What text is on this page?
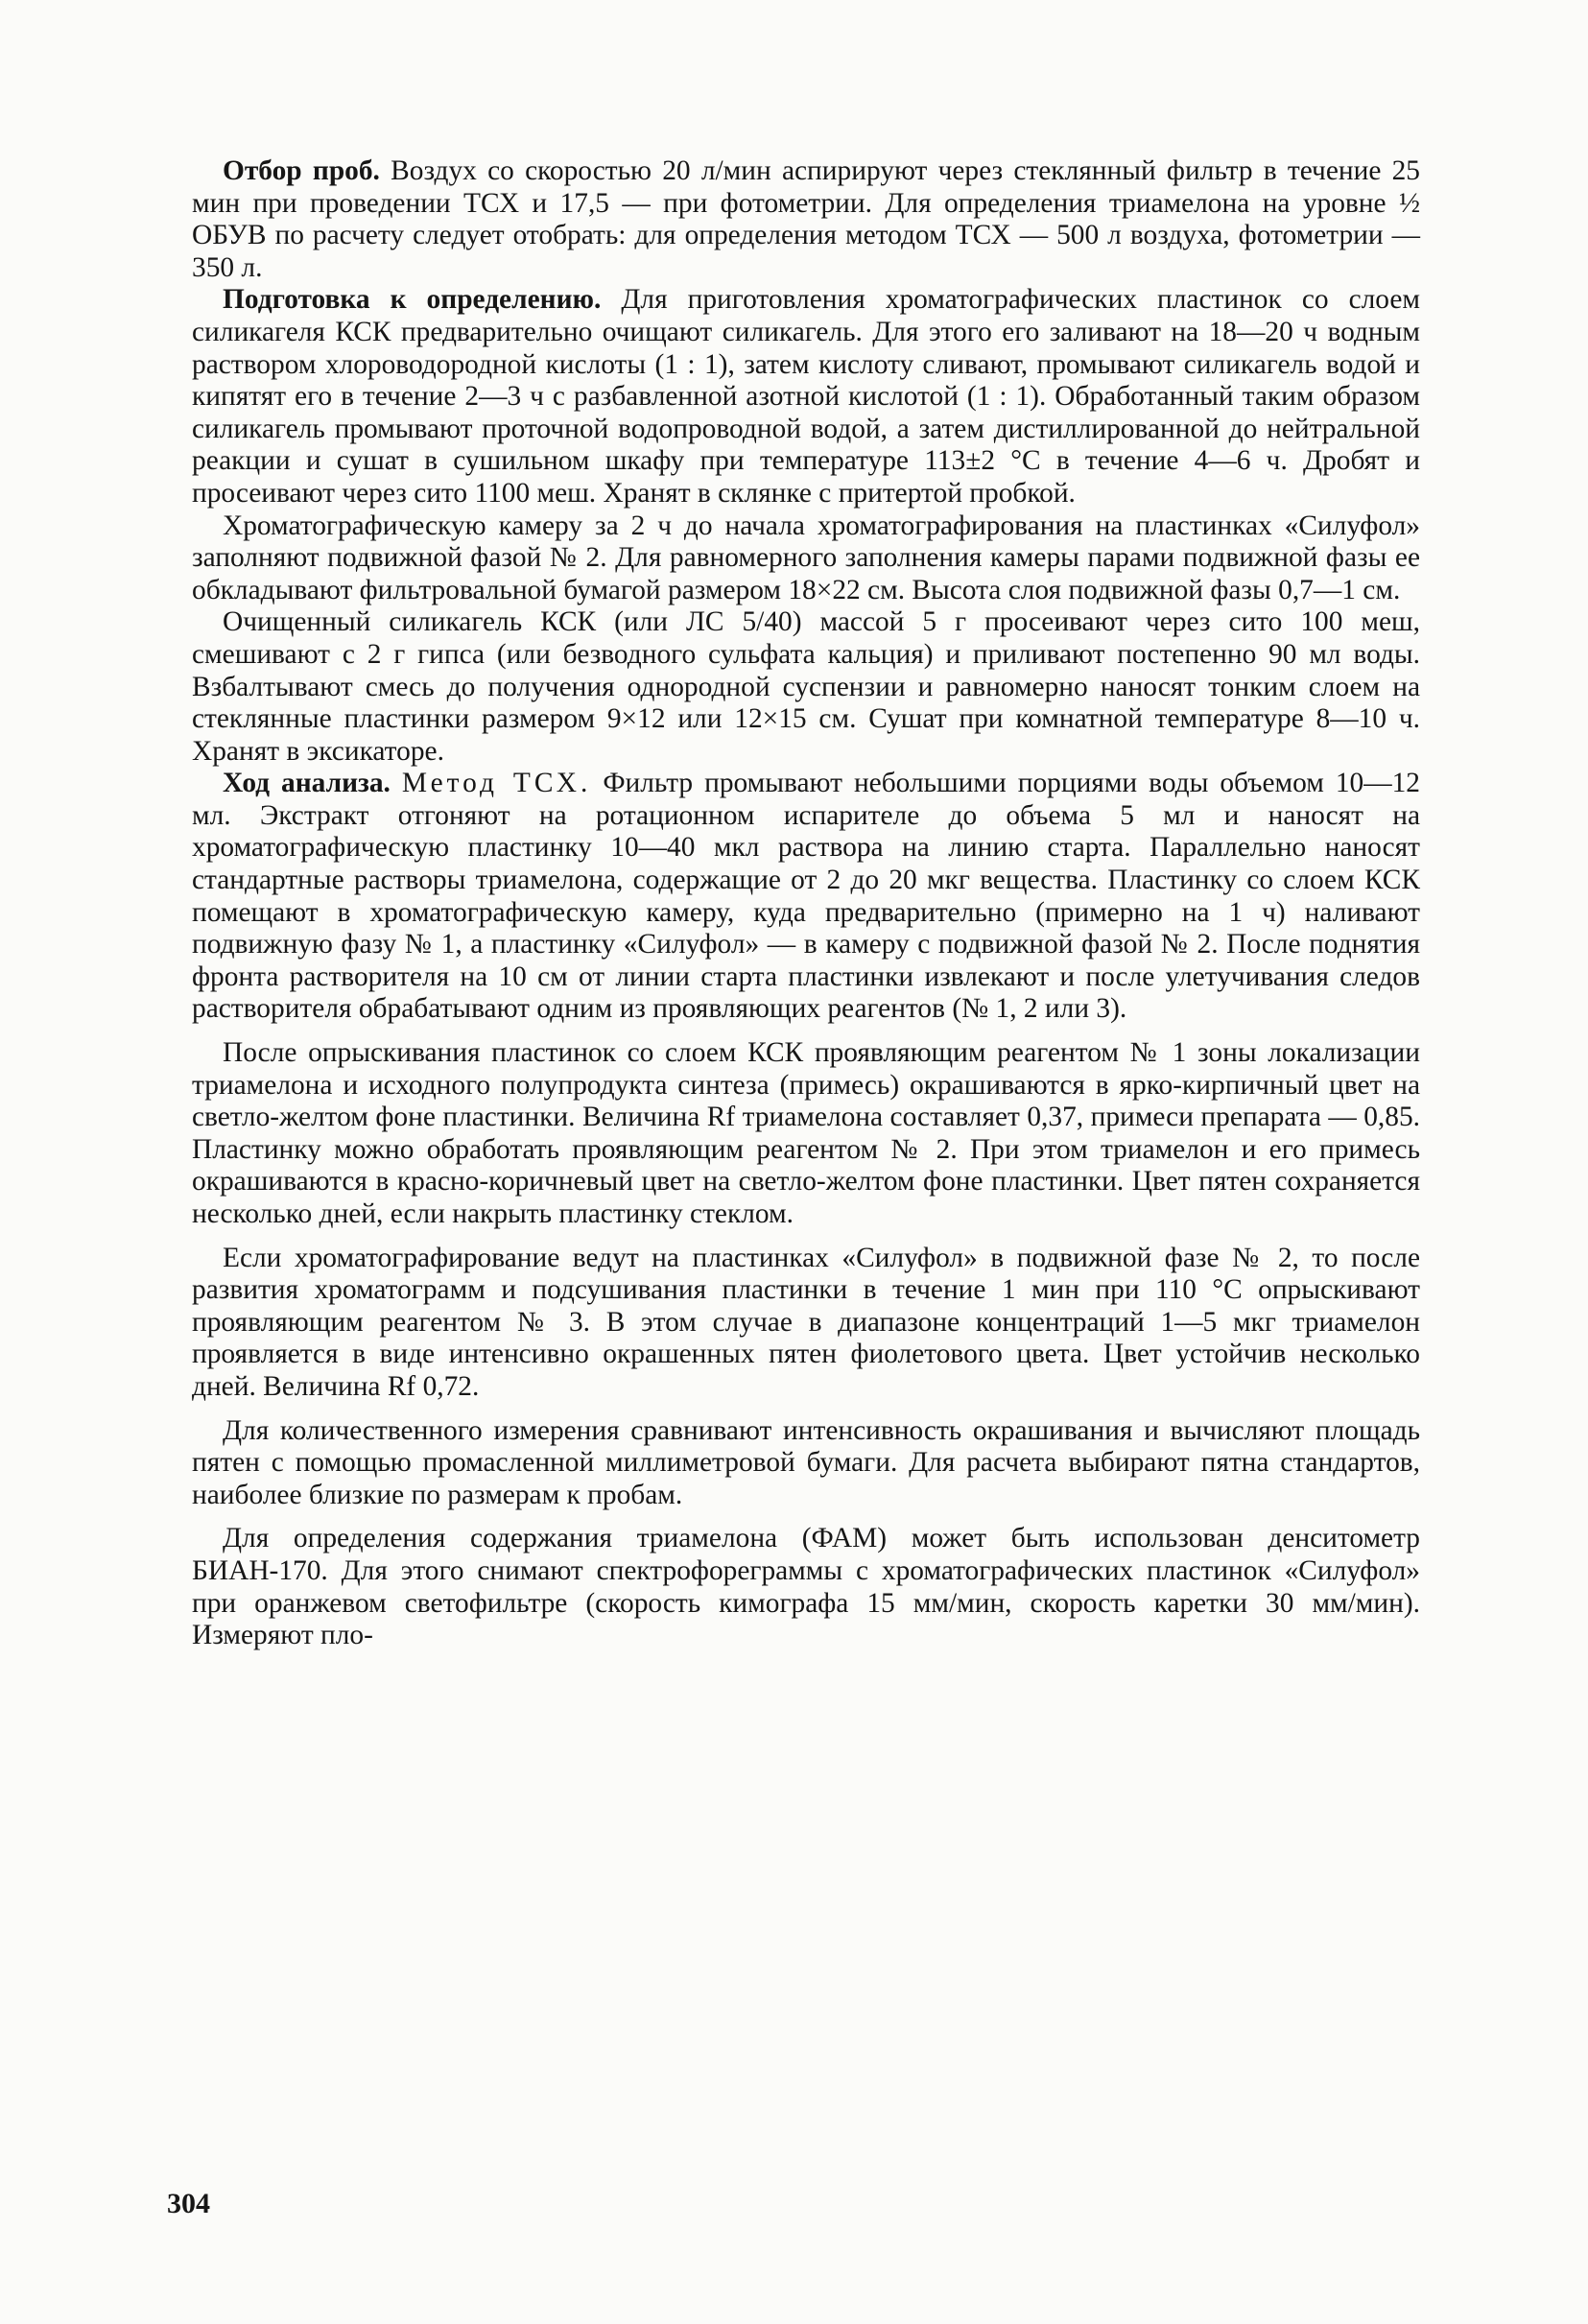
Отбор проб. Воздух со скоростью 20 л/мин аспирируют через стеклянный фильтр в течение 25 мин при проведении ТСХ и 17,5 — при фотометрии. Для определения триамелона на уровне ½ ОБУВ по расчету следует отобрать: для определения методом ТСХ — 500 л воздуха, фотометрии — 350 л.

Подготовка к определению. Для приготовления хроматографических пластинок со слоем силикагеля КСК предварительно очищают силикагель. Для этого его заливают на 18—20 ч водным раствором хлороводородной кислоты (1 : 1), затем кислоту сливают, промывают силикагель водой и кипятят его в течение 2—3 ч с разбавленной азотной кислотой (1 : 1). Обработанный таким образом силикагель промывают проточной водопроводной водой, а затем дистиллированной до нейтральной реакции и сушат в сушильном шкафу при температуре 113±2 °С в течение 4—6 ч. Дробят и просеивают через сито 1100 меш. Хранят в склянке с притертой пробкой.

Хроматографическую камеру за 2 ч до начала хроматографирования на пластинках «Силуфол» заполняют подвижной фазой № 2. Для равномерного заполнения камеры парами подвижной фазы ее обкладывают фильтровальной бумагой размером 18×22 см. Высота слоя подвижной фазы 0,7—1 см.

Очищенный силикагель КСК (или ЛС 5/40) массой 5 г просеивают через сито 100 меш, смешивают с 2 г гипса (или безводного сульфата кальция) и приливают постепенно 90 мл воды. Взбалтывают смесь до получения однородной суспензии и равномерно наносят тонким слоем на стеклянные пластинки размером 9×12 или 12×15 см. Сушат при комнатной температуре 8—10 ч. Хранят в эксикаторе.

Ход анализа. Метод ТСХ. Фильтр промывают небольшими порциями воды объемом 10—12 мл. Экстракт отгоняют на ротационном испарителе до объема 5 мл и наносят на хроматографическую пластинку 10—40 мкл раствора на линию старта. Параллельно наносят стандартные растворы триамелона, содержащие от 2 до 20 мкг вещества. Пластинку со слоем КСК помещают в хроматографическую камеру, куда предварительно (примерно на 1 ч) наливают подвижную фазу № 1, а пластинку «Силуфол» — в камеру с подвижной фазой № 2. После поднятия фронта растворителя на 10 см от линии старта пластинки извлекают и после улетучивания следов растворителя обрабатывают одним из проявляющих реагентов (№ 1, 2 или 3).

После опрыскивания пластинок со слоем КСК проявляющим реагентом № 1 зоны локализации триамелона и исходного полупродукта синтеза (примесь) окрашиваются в ярко-кирпичный цвет на светло-желтом фоне пластинки. Величина Rf триамелона составляет 0,37, примеси препарата — 0,85. Пластинку можно обработать проявляющим реагентом № 2. При этом триамелон и его примесь окрашиваются в красно-коричневый цвет на светло-желтом фоне пластинки. Цвет пятен сохраняется несколько дней, если накрыть пластинку стеклом.

Если хроматографирование ведут на пластинках «Силуфол» в подвижной фазе № 2, то после развития хроматограмм и подсушивания пластинки в течение 1 мин при 110 °С опрыскивают проявляющим реагентом № 3. В этом случае в диапазоне концентраций 1—5 мкг триамелон проявляется в виде интенсивно окрашенных пятен фиолетового цвета. Цвет устойчив несколько дней. Величина Rf 0,72.

Для количественного измерения сравнивают интенсивность окрашивания и вычисляют площадь пятен с помощью промасленной миллиметровой бумаги. Для расчета выбирают пятна стандартов, наиболее близкие по размерам к пробам.

Для определения содержания триамелона (ФАМ) может быть использован денситометр БИАН-170. Для этого снимают спектрофореграммы с хроматографических пластинок «Силуфол» при оранжевом светофильтре (скорость кимографа 15 мм/мин, скорость каретки 30 мм/мин). Измеряют пло-

304
